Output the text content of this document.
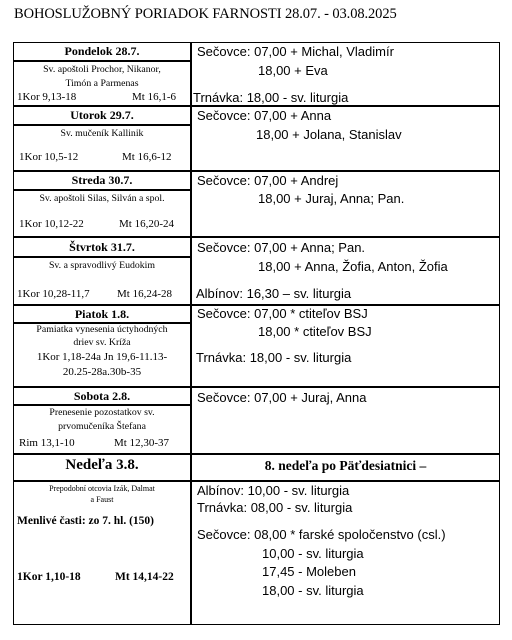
BOHOSLUŽOBNÝ PORIADOK FARNOSTI 28.07. - 03.08.2025
Pondelok 28.7.
Sv. apoštoli Prochor, Nikanor,
Timón a Parmenas
1Kor 9,13-18	Mt 16,1-6
Sečovce: 07,00 + Michal, Vladimír
18,00 + Eva
Trnávka: 18,00 - sv. liturgia
Utorok 29.7.
Sv. mučeník Kallinik
1Kor 10,5-12	Mt 16,6-12
Sečovce: 07,00 + Anna
18,00 + Jolana, Stanislav
Streda 30.7.
Sv. apoštoli Silas, Silván a spol.
1Kor 10,12-22	Mt 16,20-24
Sečovce: 07,00 + Andrej
18,00 + Juraj, Anna; Pan.
Štvrtok 31.7.
Sv. a spravodlivý Eudokim
1Kor 10,28-11,7 Mt 16,24-28
Sečovce: 07,00 + Anna; Pan.
18,00 + Anna, Žofia, Anton, Žofia
Albínov: 16,30 – sv. liturgia
Piatok 1.8.
Pamiatka vynesenia úctyhodných
driev sv. Kríža
1Kor 1,18-24a Jn 19,6-11.13-
20.25-28a.30b-35
Sečovce: 07,00 * ctiteľov BSJ
18,00 * ctiteľov BSJ
Trnávka: 18,00 - sv. liturgia
Sobota 2.8.
Prenesenie pozostatkov sv.
prvomučeníka Štefana
Rim 13,1-10	Mt 12,30-37
Sečovce: 07,00 + Juraj, Anna
Nedeľa 3.8.	8. nedeľa po Päťdesiatnici –
Prepodobní otcovia Izák, Dalmat
a Faust
Menlivé časti: zo 7. hl. (150)
1Kor 1,10-18	Mt 14,14-22
Albínov: 10,00 - sv. liturgia
Trnávka: 08,00 - sv. liturgia
Sečovce: 08,00 * farské spoločenstvo (csl.)
10,00 - sv. liturgia
17,45 - Moleben
18,00 - sv. liturgia
